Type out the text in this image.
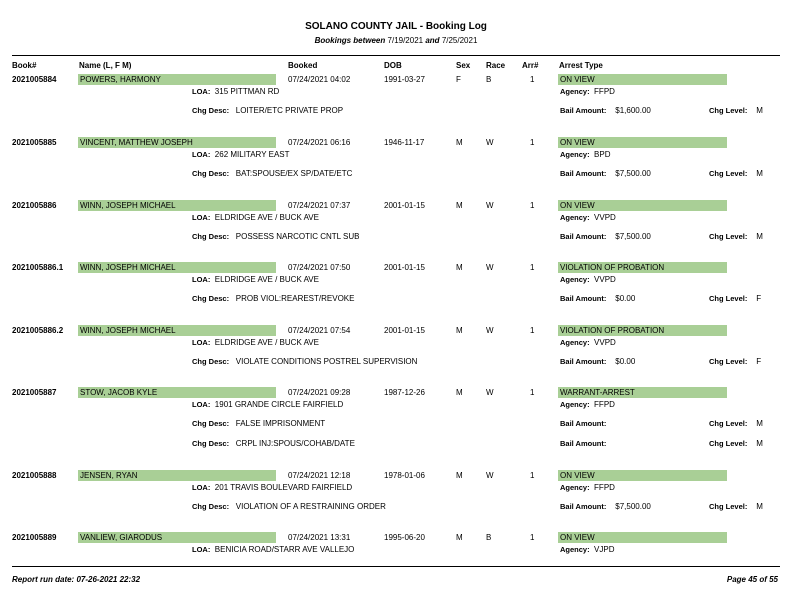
SOLANO COUNTY JAIL - Booking Log
Bookings between 7/19/2021 and 7/25/2021
Book#	Name (L, F M)	Booked	DOB	Sex Race Arr#	Arrest Type
2021005884	POWERS, HARMONY	07/24/2021 04:02	1991-03-27	F	B	1	ON VIEW
LOA: 315 PITTMAN RD	Agency: FFPD
Chg Desc: LOITER/ETC PRIVATE PROP	Bail Amount: $1,600.00	Chg Level: M
2021005885	VINCENT, MATTHEW JOSEPH	07/24/2021 06:16	1946-11-17	M	W	1	ON VIEW
LOA: 262 MILITARY EAST	Agency: BPD
Chg Desc: BAT:SPOUSE/EX SP/DATE/ETC	Bail Amount: $7,500.00	Chg Level: M
2021005886	WINN, JOSEPH MICHAEL	07/24/2021 07:37	2001-01-15	M	W	1	ON VIEW
LOA: ELDRIDGE AVE / BUCK AVE	Agency: VVPD
Chg Desc: POSSESS NARCOTIC CNTL SUB	Bail Amount: $7,500.00	Chg Level: M
2021005886.1 WINN, JOSEPH MICHAEL	07/24/2021 07:50	2001-01-15	M	W	1	VIOLATION OF PROBATION
LOA: ELDRIDGE AVE / BUCK AVE	Agency: VVPD
Chg Desc: PROB VIOL:REAREST/REVOKE	Bail Amount: $0.00	Chg Level: F
2021005886.2 WINN, JOSEPH MICHAEL	07/24/2021 07:54	2001-01-15	M	W	1	VIOLATION OF PROBATION
LOA: ELDRIDGE AVE / BUCK AVE	Agency: VVPD
Chg Desc: VIOLATE CONDITIONS POSTREL SUPERVISION	Bail Amount: $0.00	Chg Level: F
2021005887	STOW, JACOB KYLE	07/24/2021 09:28	1987-12-26	M	W	1	WARRANT-ARREST
LOA: 1901 GRANDE CIRCLE FAIRFIELD	Agency: FFPD
Chg Desc: FALSE IMPRISONMENT	Bail Amount:	Chg Level: M
Chg Desc: CRPL INJ:SPOUS/COHAB/DATE	Bail Amount:	Chg Level: M
2021005888	JENSEN, RYAN	07/24/2021 12:18	1978-01-06	M	W	1	ON VIEW
LOA: 201 TRAVIS BOULEVARD FAIRFIELD	Agency: FFPD
Chg Desc: VIOLATION OF A RESTRAINING ORDER	Bail Amount: $7,500.00	Chg Level: M
2021005889	VANLIEW, GIARODUS	07/24/2021 13:31	1995-06-20	M	B	1	ON VIEW
LOA: BENICIA ROAD/STARR AVE VALLEJO	Agency: VJPD
Report run date: 07-26-2021 22:32	Page 45 of 55
